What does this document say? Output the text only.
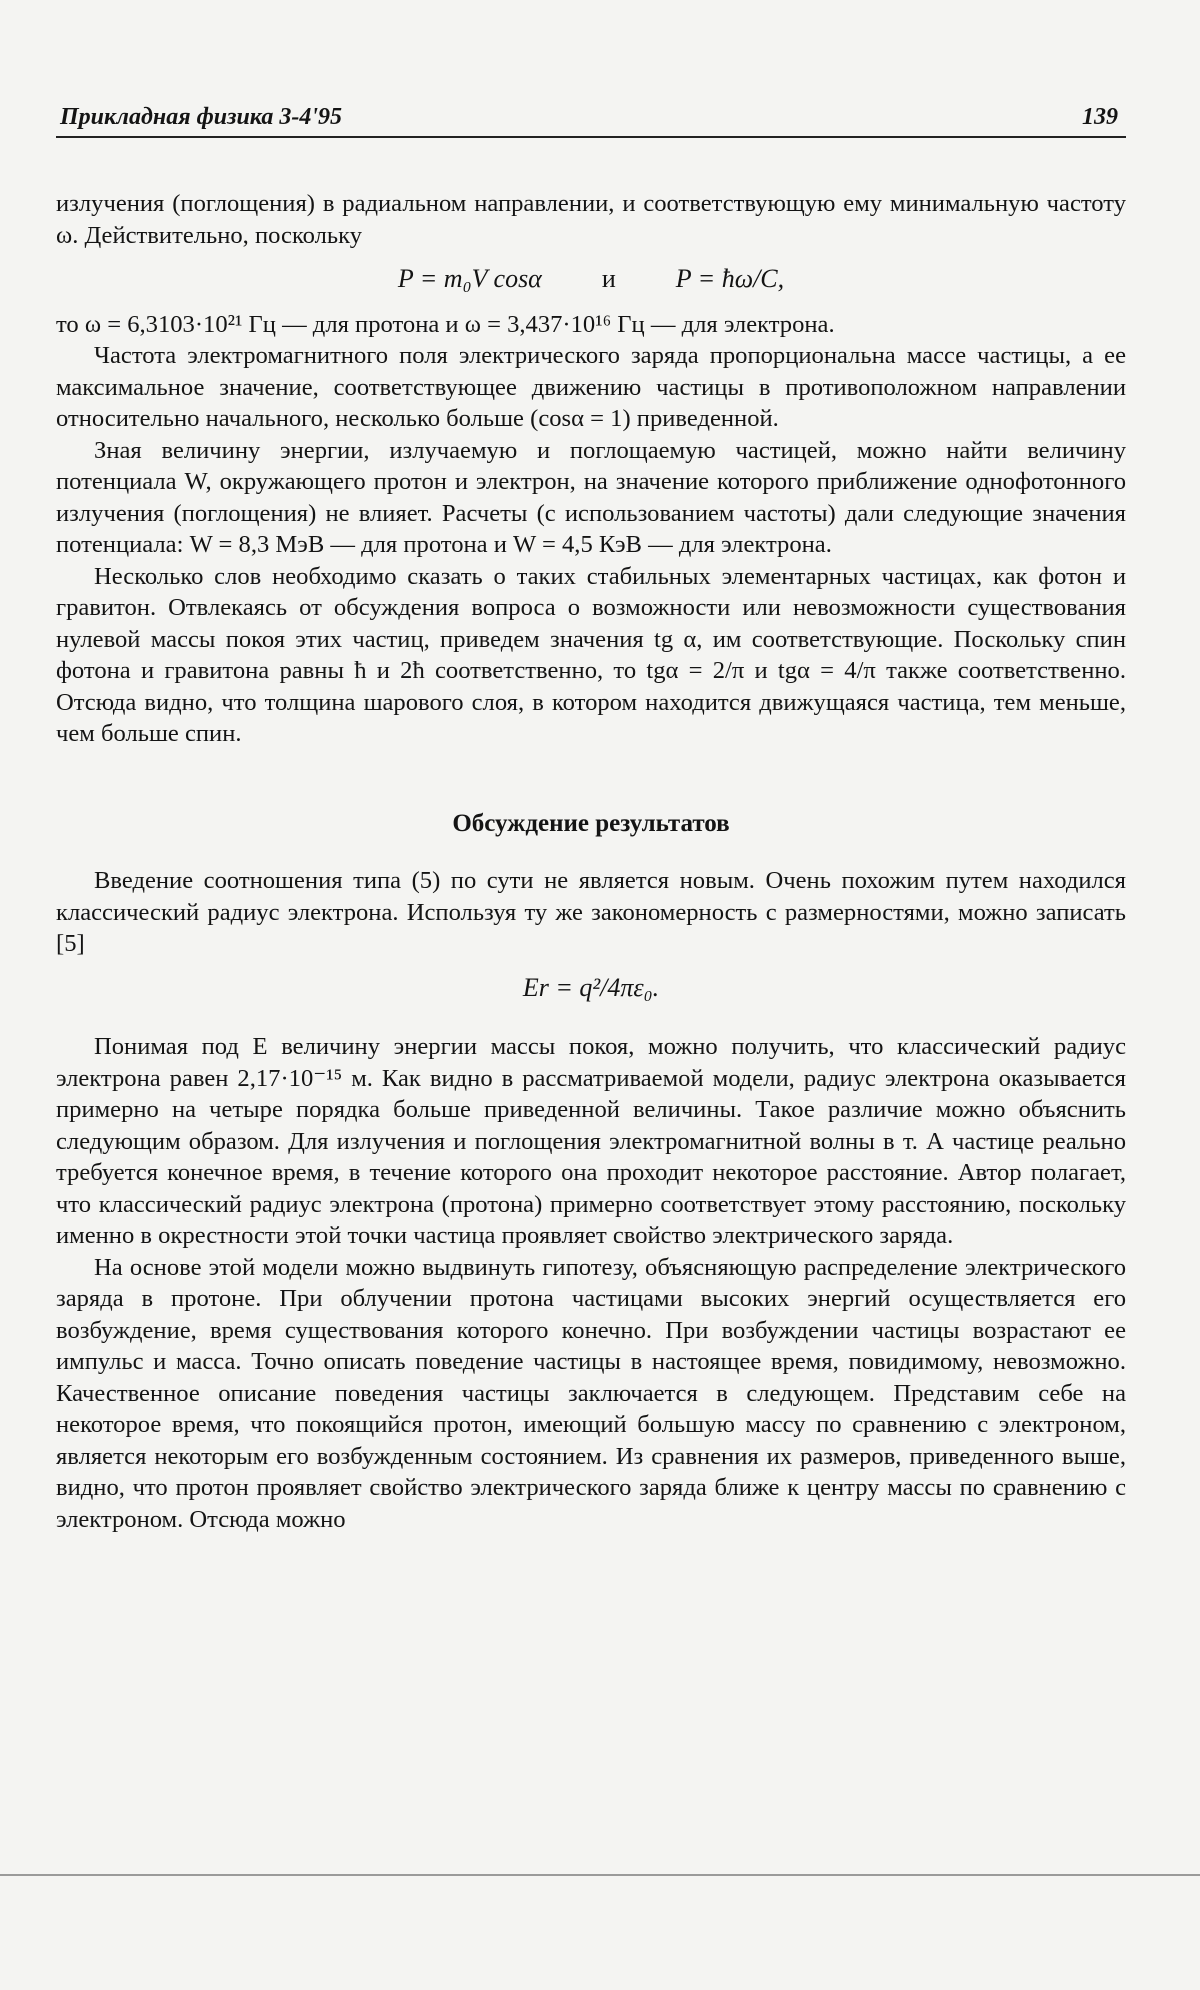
Прикладная физика 3-4'95	139

излучения (поглощения) в радиальном направлении, и соответствующую ему минимальную частоту ω. Действительно, поскольку

P = m₀V cosα и P = ħω/C,

то ω = 6,3103·10²¹ Гц — для протона и ω = 3,437·10¹⁶ Гц — для электрона.

Частота электромагнитного поля электрического заряда пропорциональна массе частицы, а ее максимальное значение, соответствующее движению частицы в противоположном направлении относительно начального, несколько больше (cosα = 1) приведенной.

Зная величину энергии, излучаемую и поглощаемую частицей, можно найти величину потенциала W, окружающего протон и электрон, на значение которого приближение однофотонного излучения (поглощения) не влияет. Расчеты (с использованием частоты) дали следующие значения потенциала: W = 8,3 МэВ — для протона и W = 4,5 КэВ — для электрона.

Несколько слов необходимо сказать о таких стабильных элементарных частицах, как фотон и гравитон. Отвлекаясь от обсуждения вопроса о возможности или невозможности существования нулевой массы покоя этих частиц, приведем значения tg α, им соответствующие. Поскольку спин фотона и гравитона равны ħ и 2ħ соответственно, то tgα = 2/π и tgα = 4/π также соответственно. Отсюда видно, что толщина шарового слоя, в котором находится движущаяся частица, тем меньше, чем больше спин.

Обсуждение результатов

Введение соотношения типа (5) по сути не является новым. Очень похожим путем находился классический радиус электрона. Используя ту же закономерность с размерностями, можно записать [5]

Er = q²/4πε₀.

Понимая под E величину энергии массы покоя, можно получить, что классический радиус электрона равен 2,17·10⁻¹⁵ м. Как видно в рассматриваемой модели, радиус электрона оказывается примерно на четыре порядка больше приведенной величины. Такое различие можно объяснить следующим образом. Для излучения и поглощения электромагнитной волны в т. А частице реально требуется конечное время, в течение которого она проходит некоторое расстояние. Автор полагает, что классический радиус электрона (протона) примерно соответствует этому расстоянию, поскольку именно в окрестности этой точки частица проявляет свойство электрического заряда.

На основе этой модели можно выдвинуть гипотезу, объясняющую распределение электрического заряда в протоне. При облучении протона частицами высоких энергий осуществляется его возбуждение, время существования которого конечно. При возбуждении частицы возрастают ее импульс и масса. Точно описать поведение частицы в настоящее время, повидимому, невозможно. Качественное описание поведения частицы заключается в следующем. Представим себе на некоторое время, что покоящийся протон, имеющий большую массу по сравнению с электроном, является некоторым его возбужденным состоянием. Из сравнения их размеров, приведенного выше, видно, что протон проявляет свойство электрического заряда ближе к центру массы по сравнению с электроном. Отсюда можно
